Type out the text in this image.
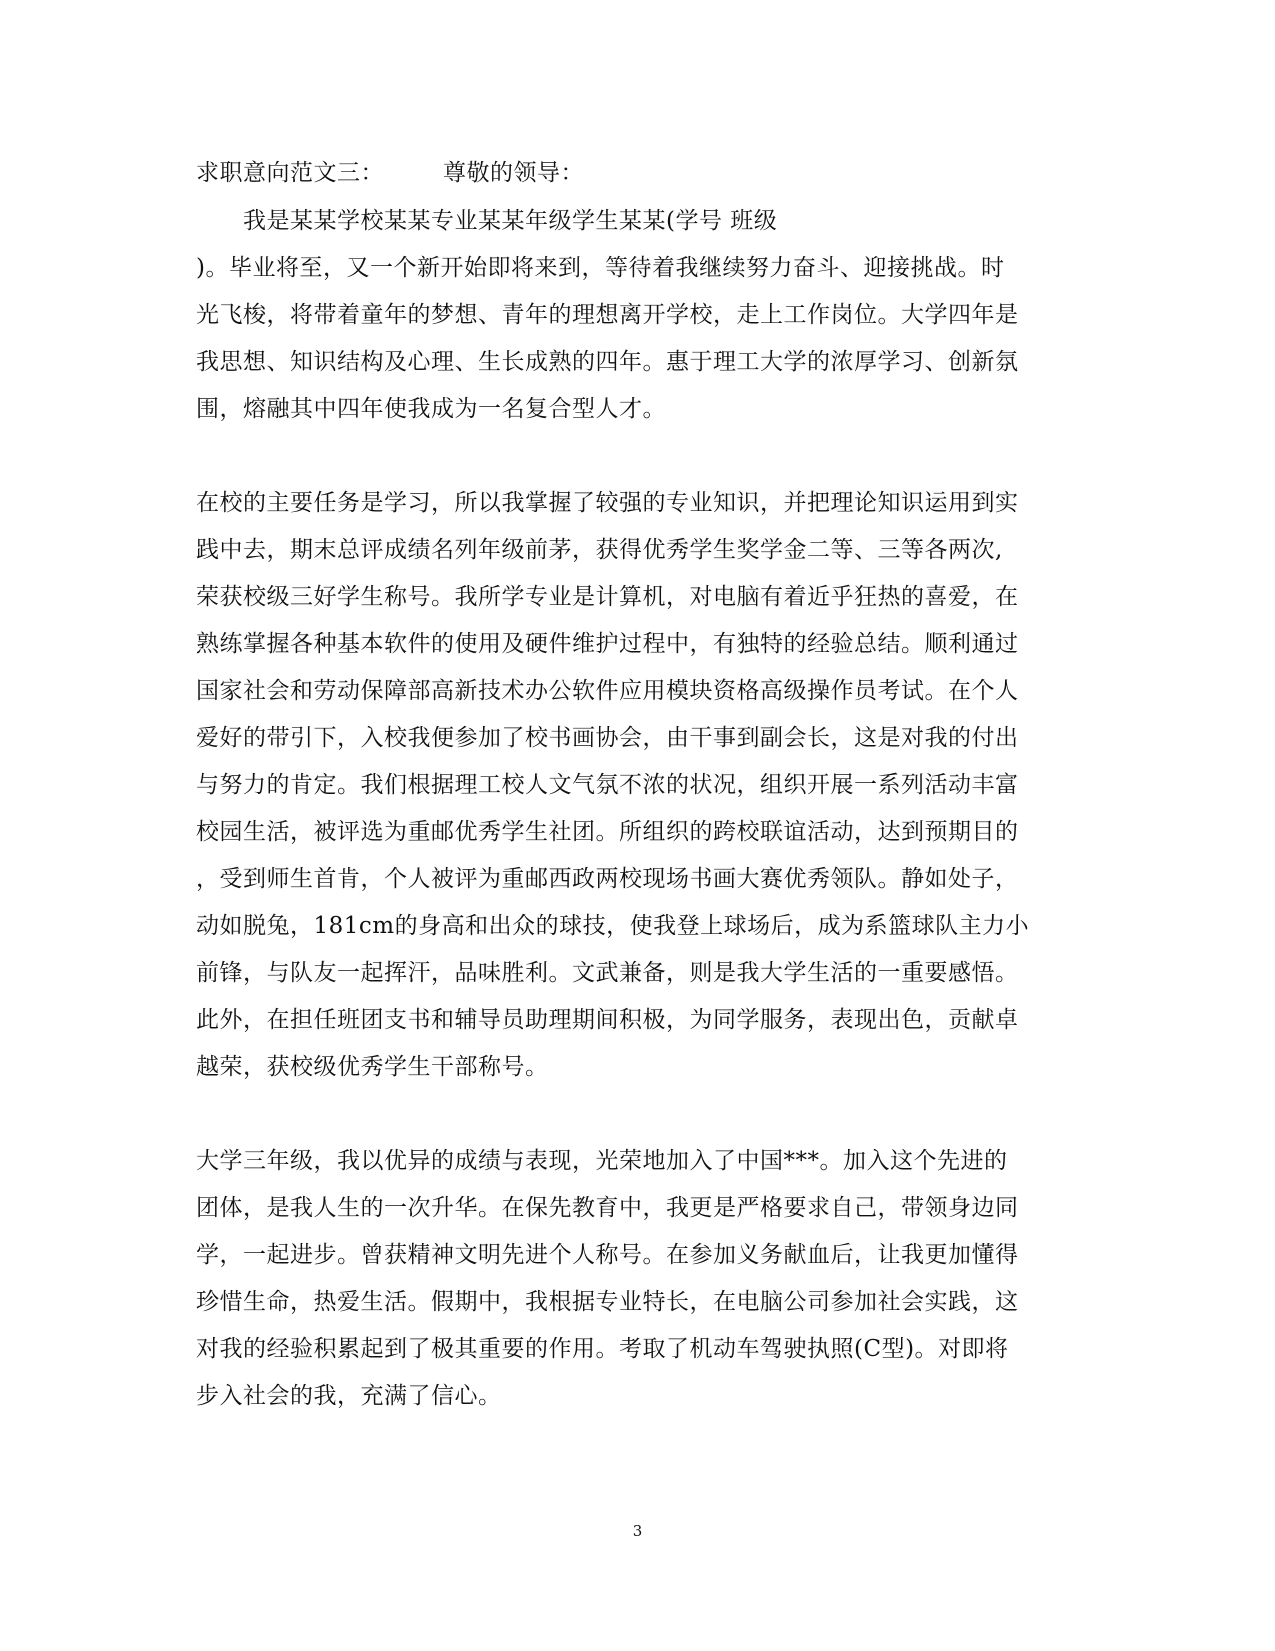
求职意向范文三：　　　尊敬的领导：
　　我是某某学校某某专业某某年级学生某某(学号 班级
)。毕业将至，又一个新开始即将来到，等待着我继续努力奋斗、迎接挑战。时
光飞梭，将带着童年的梦想、青年的理想离开学校，走上工作岗位。大学四年是
我思想、知识结构及心理、生长成熟的四年。惠于理工大学的浓厚学习、创新氛
围，熔融其中四年使我成为一名复合型人才。
在校的主要任务是学习，所以我掌握了较强的专业知识，并把理论知识运用到实
践中去，期末总评成绩名列年级前茅，获得优秀学生奖学金二等、三等各两次,
荣获校级三好学生称号。我所学专业是计算机，对电脑有着近乎狂热的喜爱，在
熟练掌握各种基本软件的使用及硬件维护过程中，有独特的经验总结。顺利通过
国家社会和劳动保障部高新技术办公软件应用模块资格高级操作员考试。在个人
爱好的带引下，入校我便参加了校书画协会，由干事到副会长，这是对我的付出
与努力的肯定。我们根据理工校人文气氛不浓的状况，组织开展一系列活动丰富
校园生活，被评选为重邮优秀学生社团。所组织的跨校联谊活动，达到预期目的
，受到师生首肯，个人被评为重邮西政两校现场书画大赛优秀领队。静如处子，
动如脱兔，181cm的身高和出众的球技，使我登上球场后，成为系篮球队主力小
前锋，与队友一起挥汗，品味胜利。文武兼备，则是我大学生活的一重要感悟。
此外，在担任班团支书和辅导员助理期间积极，为同学服务，表现出色，贡献卓
越荣，获校级优秀学生干部称号。
大学三年级，我以优异的成绩与表现，光荣地加入了中国***。加入这个先进的
团体，是我人生的一次升华。在保先教育中，我更是严格要求自己，带领身边同
学，一起进步。曾获精神文明先进个人称号。在参加义务献血后，让我更加懂得
珍惜生命，热爱生活。假期中，我根据专业特长，在电脑公司参加社会实践，这
对我的经验积累起到了极其重要的作用。考取了机动车驾驶执照(C型)。对即将
步入社会的我，充满了信心。
3
